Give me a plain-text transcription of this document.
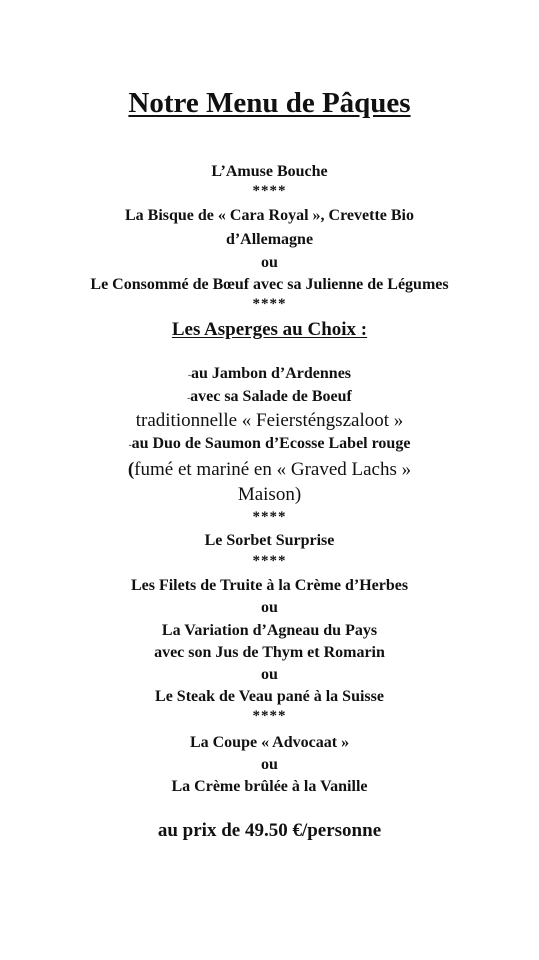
Notre Menu de Pâques
L’Amuse Bouche
****
La Bisque de « Cara Royal », Crevette Bio
d’Allemagne
ou
Le Consommé de Bœuf avec sa Julienne de Légumes
****
Les Asperges au Choix :
-au Jambon d’Ardennes
-avec sa Salade de Boeuf
traditionnelle « Feiersténgszaloot »
-au Duo de Saumon d’Ecosse Label rouge
(fumé et mariné en « Graved Lachs »
Maison)
****
Le Sorbet Surprise
****
Les Filets de Truite à la Crème d’Herbes
ou
La Variation d’Agneau du Pays
avec son Jus de Thym et Romarin
ou
Le Steak de Veau pané à la Suisse
****
La Coupe « Advocaat »
ou
La Crème brûlée à la Vanille
au prix de 49.50 €/personne
